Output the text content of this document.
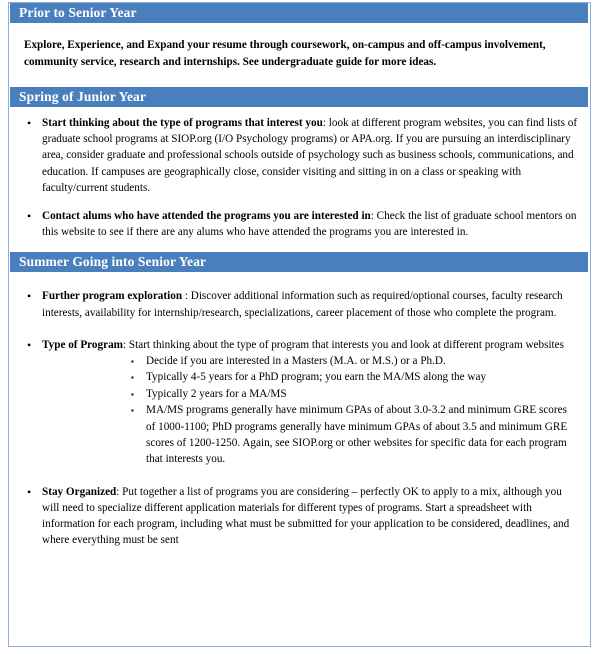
Prior to Senior Year

Explore, Experience, and Expand your resume through coursework, on-campus and off-campus involvement, community service, research and internships. See undergraduate guide for more ideas.

Spring of Junior Year
• Start thinking about the type of programs that interest you: look at different program websites, you can find lists of graduate school programs at SIOP.org (I/O Psychology programs) or APA.org. If you are pursuing an interdisciplinary area, consider graduate and professional schools outside of psychology such as business schools, communications, and education. If campuses are geographically close, consider visiting and sitting in on a class or speaking with faculty/current students.
• Contact alums who have attended the programs you are interested in: Check the list of graduate school mentors on this website to see if there are any alums who have attended the programs you are interested in.
Summer Going into Senior Year
• Further program exploration : Discover additional information such as required/optional courses, faculty research interests, availability for internship/research, specializations, career placement of those who complete the program.
• Type of Program: Start thinking about the type of program that interests you and look at different program websites
▪ Decide if you are interested in a Masters (M.A. or M.S.) or a Ph.D.
▪ Typically 4-5 years for a PhD program; you earn the MA/MS along the way
▪ Typically 2 years for a MA/MS
▪ MA/MS programs generally have minimum GPAs of about 3.0-3.2 and minimum GRE scores of 1000-1100; PhD programs generally have minimum GPAs of about 3.5 and minimum GRE scores of 1200-1250. Again, see SIOP.org or other websites for specific data for each program that interests you.
• Stay Organized: Put together a list of programs you are considering – perfectly OK to apply to a mix, although you will need to specialize different application materials for different types of programs. Start a spreadsheet with information for each program, including what must be submitted for your application to be considered, deadlines, and where everything must be sent
